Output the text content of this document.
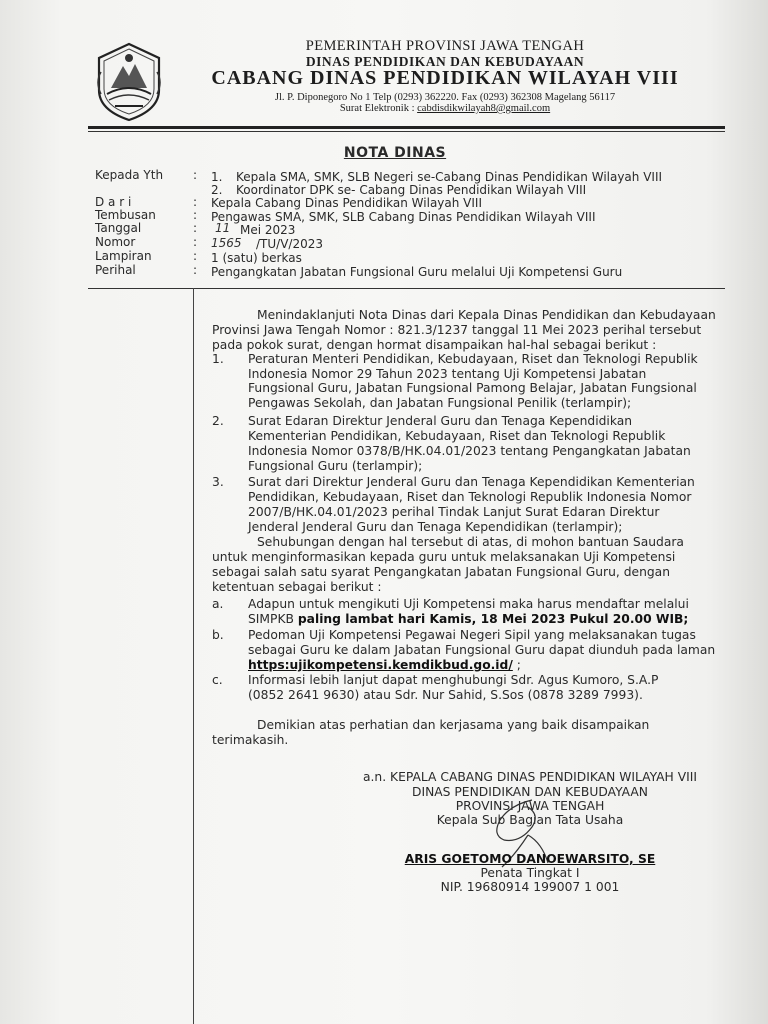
PEMERINTAH PROVINSI JAWA TENGAH
DINAS PENDIDIKAN DAN KEBUDAYAAN
CABANG DINAS PENDIDIKAN WILAYAH VIII
Jl. P. Diponegoro No 1 Telp (0293) 362220. Fax (0293) 362308 Magelang 56117
Surat Elektronik : cabdisdikwilayah8@gmail.com
NOTA DINAS
Kepada Yth : 1. Kepala SMA, SMK, SLB Negeri se-Cabang Dinas Pendidikan Wilayah VIII
2. Koordinator DPK se- Cabang Dinas Pendidikan Wilayah VIII
D a r i	: Kepala Cabang Dinas Pendidikan Wilayah VIII
Tembusan	: Pengawas SMA, SMK, SLB Cabang Dinas Pendidikan Wilayah VIII
Tanggal	: 11 Mei 2023
Nomor	: 1565 /TU/V/2023
Lampiran	: 1 (satu) berkas
Perihal	: Pengangkatan Jabatan Fungsional Guru melalui Uji Kompetensi Guru
Menindaklanjuti Nota Dinas dari Kepala Dinas Pendidikan dan Kebudayaan
Provinsi Jawa Tengah Nomor : 821.3/1237 tanggal 11 Mei 2023 perihal tersebut
pada pokok surat, dengan hormat disampaikan hal-hal sebagai berikut :
1. Peraturan Menteri Pendidikan, Kebudayaan, Riset dan Teknologi Republik
Indonesia Nomor 29 Tahun 2023 tentang Uji Kompetensi Jabatan
Fungsional Guru, Jabatan Fungsional Pamong Belajar, Jabatan Fungsional
Pengawas Sekolah, dan Jabatan Fungsional Penilik (terlampir);
2. Surat Edaran Direktur Jenderal Guru dan Tenaga Kependidikan
Kementerian Pendidikan, Kebudayaan, Riset dan Teknologi Republik
Indonesia Nomor 0378/B/HK.04.01/2023 tentang Pengangkatan Jabatan
Fungsional Guru (terlampir);
3. Surat dari Direktur Jenderal Guru dan Tenaga Kependidikan Kementerian
Pendidikan, Kebudayaan, Riset dan Teknologi Republik Indonesia Nomor
2007/B/HK.04.01/2023 perihal Tindak Lanjut Surat Edaran Direktur
Jenderal Jenderal Guru dan Tenaga Kependidikan (terlampir);
Sehubungan dengan hal tersebut di atas, di mohon bantuan Saudara
untuk menginformasikan kepada guru untuk melaksanakan Uji Kompetensi
sebagai salah satu syarat Pengangkatan Jabatan Fungsional Guru, dengan
ketentuan sebagai berikut :
a. Adapun untuk mengikuti Uji Kompetensi maka harus mendaftar melalui
SIMPKB paling lambat hari Kamis, 18 Mei 2023 Pukul 20.00 WIB;
b. Pedoman Uji Kompetensi Pegawai Negeri Sipil yang melaksanakan tugas
sebagai Guru ke dalam Jabatan Fungsional Guru dapat diunduh pada laman
https:ujikompetensi.kemdikbud.go.id/ ;
c. Informasi lebih lanjut dapat menghubungi Sdr. Agus Kumoro, S.A.P
(0852 2641 9630) atau Sdr. Nur Sahid, S.Sos (0878 3289 7993).
Demikian atas perhatian dan kerjasama yang baik disampaikan
terimakasih.
a.n. KEPALA CABANG DINAS PENDIDIKAN WILAYAH VIII
DINAS PENDIDIKAN DAN KEBUDAYAAN
PROVINSI JAWA TENGAH
Kepala Sub Bagian Tata Usaha
ARIS GOETOMO DANOEWARSITO, SE
Penata Tingkat I
NIP. 19680914 199007 1 001
